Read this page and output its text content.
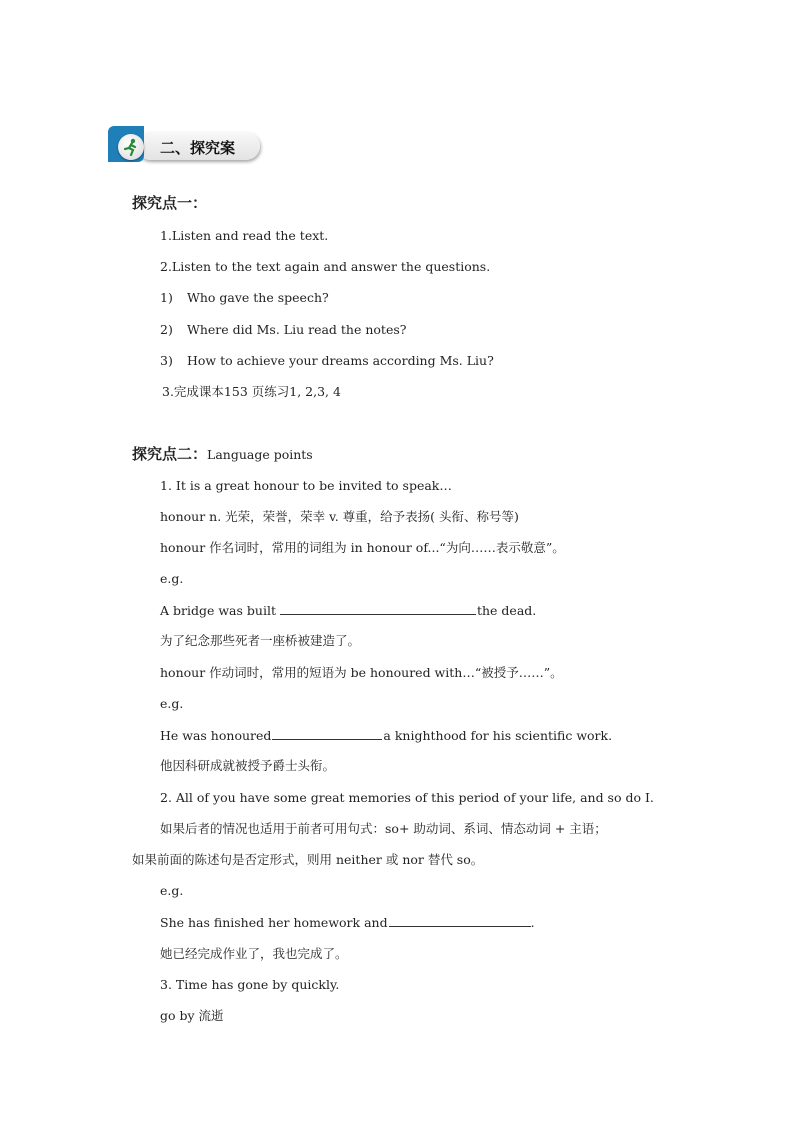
二、探究案
探究点一：
1.Listen and read the text.
2.Listen to the text again and answer the questions.
1) Who gave the speech?
2) Where did Ms. Liu read the notes?
3) How to achieve your dreams according Ms. Liu?
3.完成课本153 页练习1, 2,3, 4
探究点二：Language points
1. It is a great honour to be invited to speak…
honour n. 光荣，荣誉，荣幸 v. 尊重，给予表扬( 头衔、称号等)
honour 作名词时，常用的词组为 in honour of...“为向……表示敬意”。
e.g.
A bridge was built	the dead.
为了纪念那些死者一座桥被建造了。
honour 作动词时，常用的短语为 be honoured with…“被授予……”。
e.g.
He was honoured	a knighthood for his scientific work.
他因科研成就被授予爵士头衔。
2. All of you have some great memories of this period of your life, and so do I.
如果后者的情况也适用于前者可用句式：so+ 助动词、系词、情态动词 + 主语；
如果前面的陈述句是否定形式，则用 neither 或 nor 替代 so。
e.g.
She has finished her homework and	.
她已经完成作业了，我也完成了。
3. Time has gone by quickly.
go by 流逝
